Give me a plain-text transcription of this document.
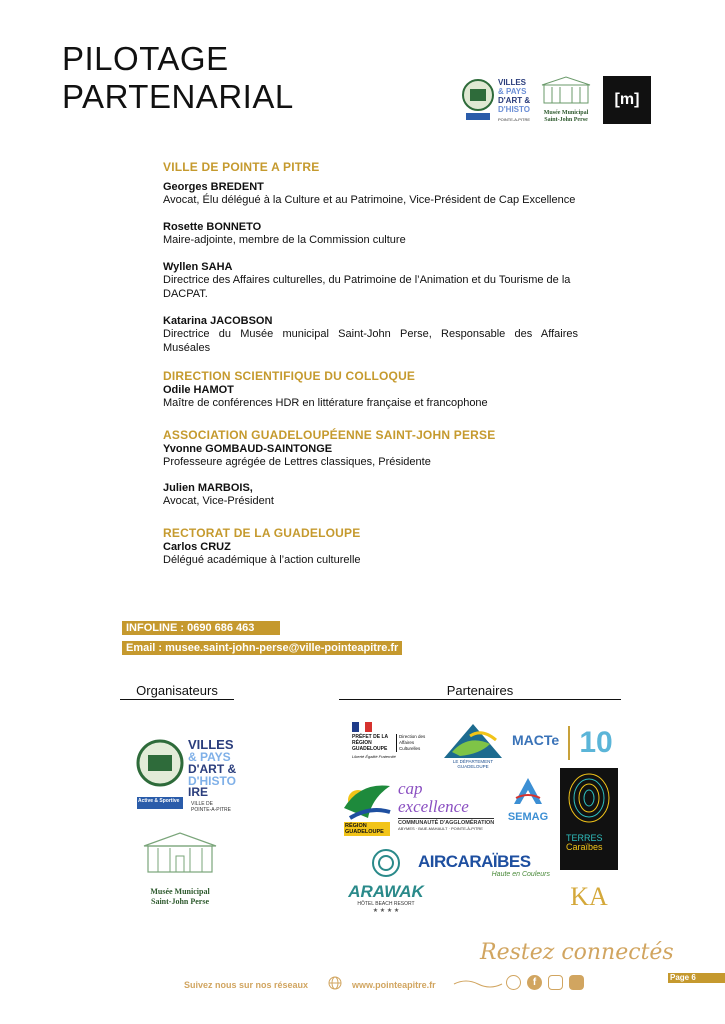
PILOTAGE
PARTENARIAL	VILLES
& PAYS
D'ART &
D'HISTO
POINTE-A-PITRE
Musée Municipal
Saint-John Perse
[m]
VILLE DE POINTE A PITRE
Georges BREDENT
Avocat, Élu délégué à la Culture et au Patrimoine, Vice-Président de Cap Excellence
Rosette BONNETO
Maire-adjointe, membre de la Commission culture
Wyllen SAHA
Directrice des Affaires culturelles, du Patrimoine de l’Animation et du Tourisme de la DACPAT.
Katarina JACOBSON
Directrice du Musée municipal Saint-John Perse, Responsable des Affaires Muséales
DIRECTION SCIENTIFIQUE DU COLLOQUE
Odile HAMOT
Maître de conférences HDR en littérature française et francophone
ASSOCIATION GUADELOUPÉENNE SAINT-JOHN PERSE
Yvonne GOMBAUD-SAINTONGE
Professeure agrégée de Lettres classiques, Présidente
Julien MARBOIS,
Avocat, Vice-Président
RECTORAT DE LA GUADELOUPE
Carlos CRUZ
Délégué académique à l’action culturelle
INFOLINE : 0690 686 463
Email : musee.saint-john-perse@ville-pointeapitre.fr
Organisateurs	Partenaires
VILLES
& PAYS
D'ART &
D'HISTO
IRE
Active & Sportive VILLE DE
POINTE-A-PITRE
Musée Municipal
Saint-John Perse
PRÉFET DE LA RÉGION GUADELOUPE
Liberté Égalité Fraternité
Direction des Affaires Culturelles
LE DÉPARTEMENT GUADELOUPE
MACTe 10
RÉGION GUADELOUPE
cap excellence
COMMUNAUTÉ D'AGGLOMÉRATION
ABYMES · BAIE-MAHAULT · POINTE-À-PITRE
SEMAG
TERRES
Caraïbes
ARAWAK
HÔTEL BEACH RESORT
★ ★ ★ ★
AIRCARAÏBES
Haute en Couleurs
KA
Suivez nous sur nos réseaux	www.pointeapitre.fr
Restez connectés
f	Page 6
